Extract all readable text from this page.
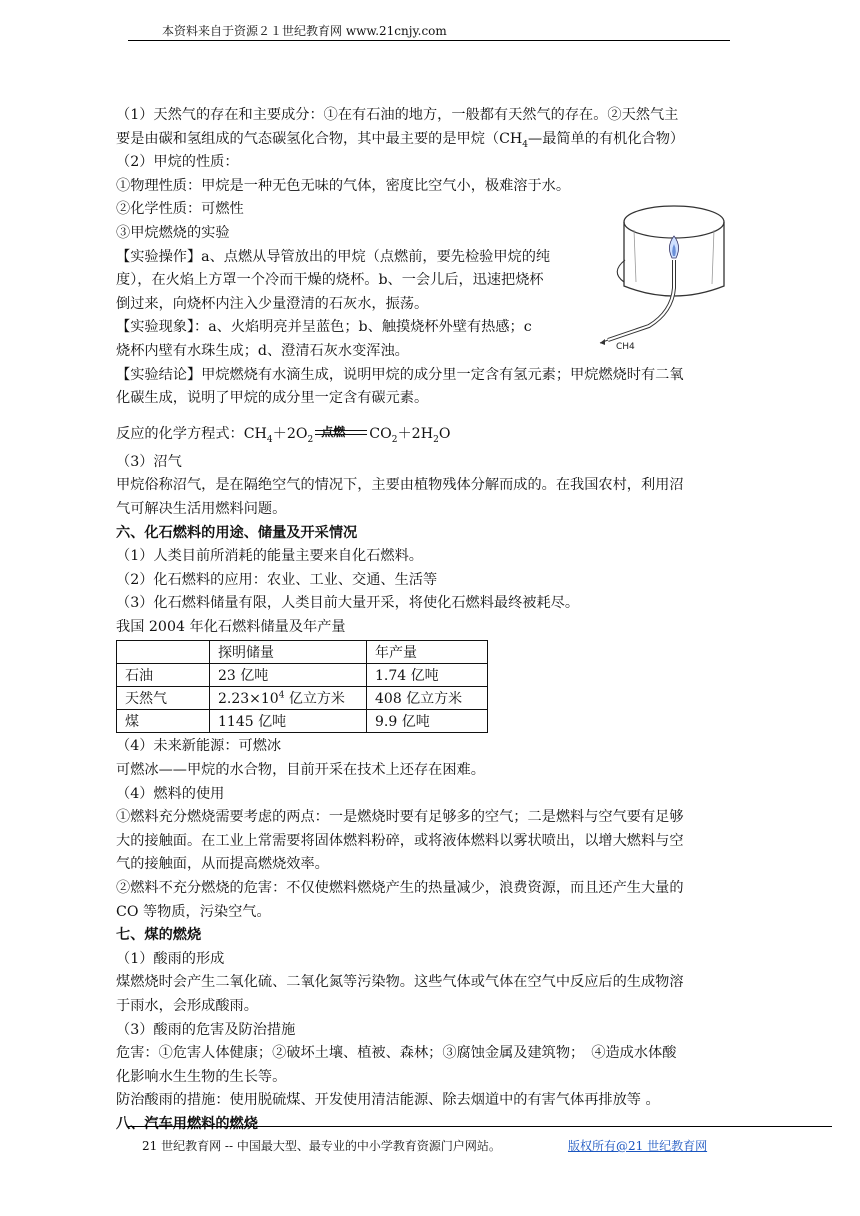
本资料来自于资源２１世纪教育网 www.21cnjy.com

（1）天然气的存在和主要成分：①在有石油的地方，一般都有天然气的存在。②天然气主

要是由碳和氢组成的气态碳氢化合物，其中最主要的是甲烷（$CH_4—$最简单的有机化合物）

（2）甲烷的性质：

①物理性质：甲烷是一种无色无味的气体，密度比空气小，极难溶于水。

②化学性质：可燃性

③甲烷燃烧的实验

【实验操作】a、点燃从导管放出的甲烷（点燃前，要先检验甲烷的纯

度），在火焰上方罩一个冷而干燥的烧杯。b、一会儿后，迅速把烧杯

倒过来，向烧杯内注入少量澄清的石灰水，振荡。

【实验现象】：a、火焰明亮并呈蓝色；b、触摸烧杯外壁有热感；c

烧杯内壁有水珠生成；d、澄清石灰水变浑浊。

【实验结论】甲烷燃烧有水滴生成，说明甲烷的成分里一定含有氢元素；甲烷燃烧时有二氧

化碳生成，说明了甲烷的成分里一定含有碳元素。

反应的化学方程式：$CH_4+2O_2$
点燃 $CO_2+2H_2O$

（3）沼气

甲烷俗称沼气，是在隔绝空气的情况下，主要由植物残体分解而成的。在我国农村，利用沼

气可解决生活用燃料问题。

六、化石燃料的用途、储量及开采情况

（1）人类目前所消耗的能量主要来自化石燃料。

（2）化石燃料的应用：农业、工业、交通、生活等

（3）化石燃料储量有限，人类目前大量开采，将使化石燃料最终被耗尽。

我国 2004 年化石燃料储量及年产量

	探明储量	年产量
石油	23 亿吨	1.74 亿吨
天然气	$2.23\times 10^4$ 亿立方米	408 亿立方米
煤	1145 亿吨	9.9 亿吨

（4）未来新能源：可燃冰

可燃冰——甲烷的水合物，目前开采在技术上还存在困难。

（4）燃料的使用

①燃料充分燃烧需要考虑的两点：一是燃烧时要有足够多的空气；二是燃料与空气要有足够

大的接触面。在工业上常需要将固体燃料粉碎，或将液体燃料以雾状喷出，以增大燃料与空

气的接触面，从而提高燃烧效率。

②燃料不充分燃烧的危害：不仅使燃料燃烧产生的热量减少，浪费资源，而且还产生大量的

CO 等物质，污染空气。

七、煤的燃烧

（1）酸雨的形成

煤燃烧时会产生二氧化硫、二氧化氮等污染物。这些气体或气体在空气中反应后的生成物溶

于雨水，会形成酸雨。

（3）酸雨的危害及防治措施

危害：①危害人体健康；②破坏土壤、植被、森林；③腐蚀金属及建筑物；　④造成水体酸

化影响水生生物的生长等。

防治酸雨的措施：使用脱硫煤、开发使用清洁能源、除去烟道中的有害气体再排放等 。

八、汽车用燃料的燃烧

CH4
21 世纪教育网 -- 中国最大型、最专业的中小学教育资源门户网站。	版权所有@21 世纪教育网
